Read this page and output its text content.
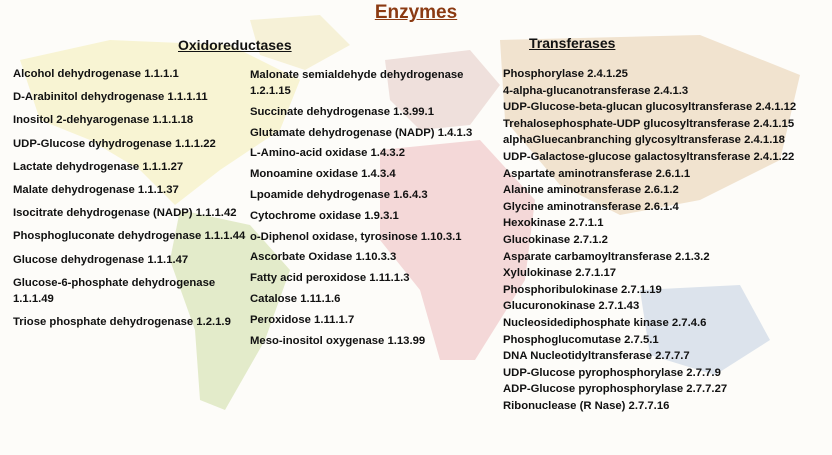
Enzymes
Oxidoreductases	Transferases
Alcohol dehydrogenase 1.1.1.1
D-Arabinitol dehydrogenase 1.1.1.11
Inositol 2-dehyarogenase 1.1.1.18
UDP-Glucose dyhydrogenase 1.1.1.22
Lactate dehydrogenase 1.1.1.27
Malate dehydrogenase 1.1.1.37
Isocitrate dehydrogenase (NADP) 1.1.1.42
Phosphogluconate dehydrogenase 1.1.1.44
Glucose dehydrogenase 1.1.1.47
Glucose-6-phosphate dehydrogenase 1.1.1.49
Triose phosphate dehydrogenase 1.2.1.9
Malonate semialdehyde dehydrogenase 1.2.1.15
Succinate dehydrogenase 1.3.99.1
Glutamate dehydrogenase (NADP) 1.4.1.3
L-Amino-acid oxidase 1.4.3.2
Monoamine oxidase 1.4.3.4
Lpoamide dehydrogenase 1.6.4.3
Cytochrome oxidase 1.9.3.1
o-Diphenol oxidase, tyrosinose 1.10.3.1
Ascorbate Oxidase 1.10.3.3
Fatty acid peroxidose 1.11.1.3
Catalose 1.11.1.6
Peroxidose 1.11.1.7
Meso-inositol oxygenase 1.13.99
Phosphorylase 2.4.1.25
4-alpha-glucanotransferase 2.4.1.3
UDP-Glucose-beta-glucan glucosyltransferase 2.4.1.12
Trehalosephosphate-UDP glucosyltransferase 2.4.1.15
alphaGluecanbranching glycosyltransferase 2.4.1.18
UDP-Galactose-glucose galactosyltransferase 2.4.1.22
Aspartate aminotransferase 2.6.1.1
Alanine aminotransferase 2.6.1.2
Glycine aminotransferase 2.6.1.4
Hexokinase 2.7.1.1
Glucokinase 2.7.1.2
Asparate carbamoyltransferase 2.1.3.2
Xylulokinase 2.7.1.17
Phosphoribulokinase 2.7.1.19
Glucuronokinase 2.7.1.43
Nucleosidediphosphate kinase 2.7.4.6
Phosphoglucomutase 2.7.5.1
DNA Nucleotidyltransferase 2.7.7.7
UDP-Glucose pyrophosphorylase 2.7.7.9
ADP-Glucose pyrophosphorylase 2.7.7.27
Ribonuclease (R Nase) 2.7.7.16
